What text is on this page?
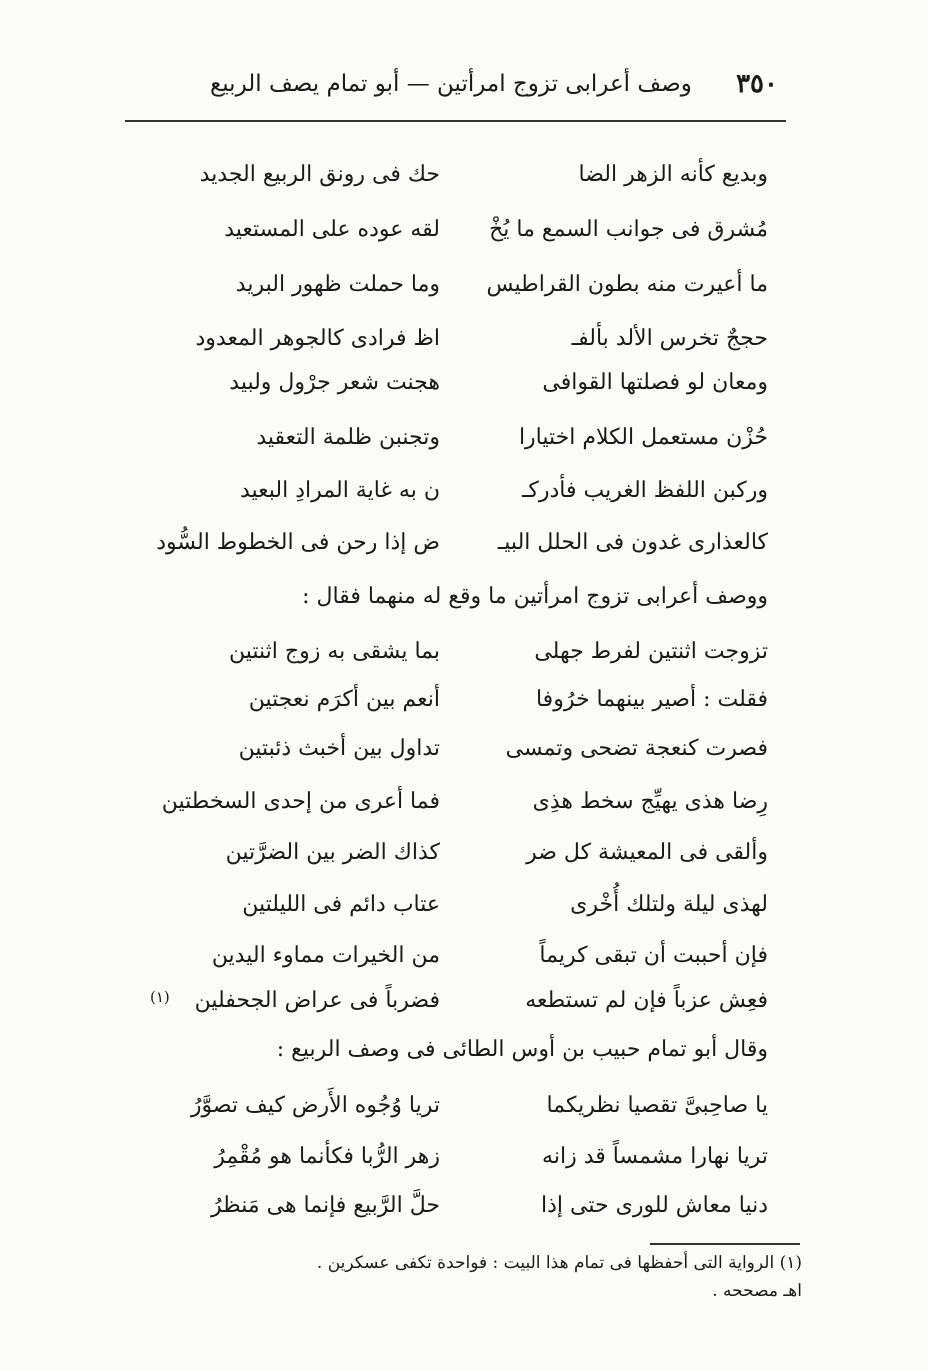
٣٥٠
وصف أعرابى تزوج امرأتين — أبو تمام يصف الربيع
وبديع كأنه الزهر الضا
حك فى رونق الربيع الجديد
مُشرق فى جوانب السمع ما يُخْ
لقه عوده على المستعيد
ما أعيرت منه بطون القراطيس
وما حملت ظهور البريد
حججٌ تخرس الألد بألفـ
اظ فرادى كالجوهر المعدود
ومعان لو فصلتها القوافى
هجنت شعر جرْول ولبيد
حُزْن مستعمل الكلام اختيارا
وتجنبن ظلمة التعقيد
وركبن اللفظ الغريب فأدركـ
ن به غاية المرادِ البعيد
كالعذارى غدون فى الحلل البيـ
ض إذا رحن فى الخطوط السُّود
ووصف أعرابى تزوج امرأتين ما وقع له منهما فقال :
تزوجت اثنتين لفرط جهلى
بما يشقى به زوج اثنتين
فقلت : أصير بينهما خرُوفا
أنعم بين أكرَم نعجتين
فصرت كنعجة تضحى وتمسى
تداول بين أخبث ذئبتين
رِضا هذى يهيِّج سخط هذِى
فما أعرى من إحدى السخطتين
وألقى فى المعيشة كل ضر
كذاك الضر بين الضرَّتين
لهذى ليلة ولتلك أُخْرى
عتاب دائم فى الليلتين
فإن أحببت أن تبقى كريماً
من الخيرات مماوء اليدين
فعِش عزباً فإن لم تستطعه
فضرباً فى عراض الجحفلين
(١)
وقال أبو تمام حبيب بن أوس الطائى فى وصف الربيع :
يا صاحِبىَّ تقصيا نظريكما
تريا وُجُوه الأَرض كيف تصوَّرُ
تريا نهارا مشمساً قد زانه
زهر الرُّبا فكأنما هو مُقْمِرُ
دنيا معاش للورى حتى إذا
حلَّ الرَّبيع فإنما هى مَنظرُ
(١) الرواية التى أحفظها فى تمام هذا البيت : فواحدة تكفى عسكرين .
اهـ مصححه .
